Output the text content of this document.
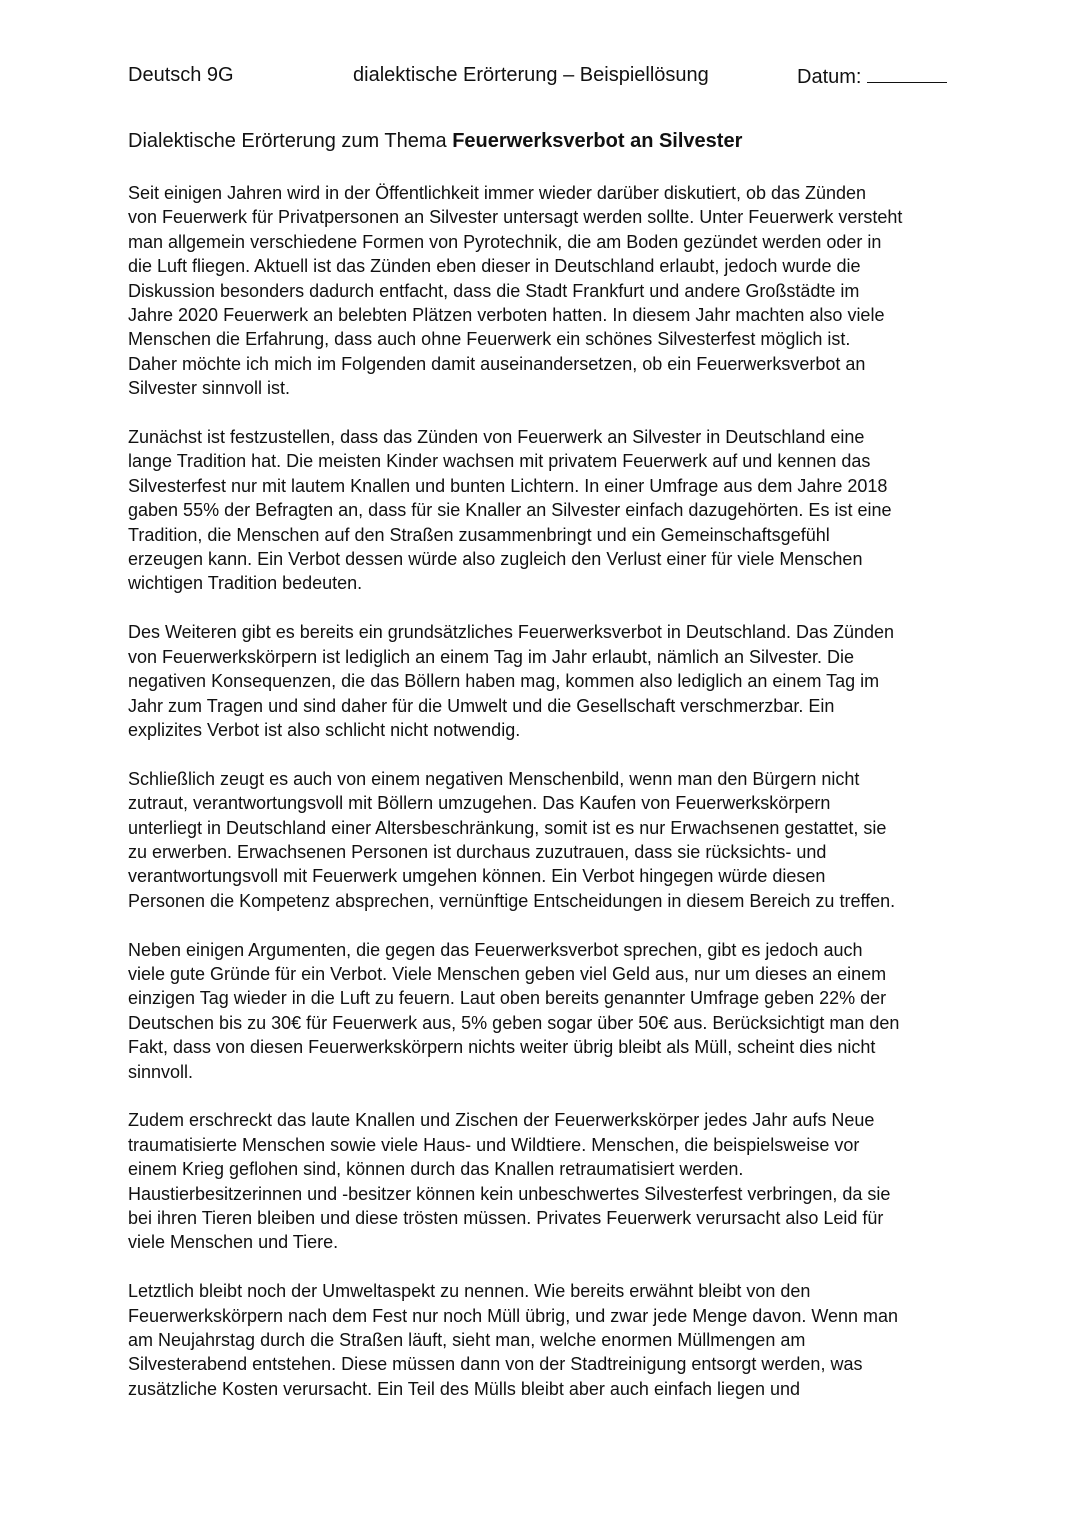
Deutsch 9G	dialektische Erörterung – Beispiellösung	Datum:
Dialektische Erörterung zum Thema Feuerwerksverbot an Silvester
Seit einigen Jahren wird in der Öffentlichkeit immer wieder darüber diskutiert, ob das Zünden
von Feuerwerk für Privatpersonen an Silvester untersagt werden sollte. Unter Feuerwerk versteht
man allgemein verschiedene Formen von Pyrotechnik, die am Boden gezündet werden oder in
die Luft fliegen. Aktuell ist das Zünden eben dieser in Deutschland erlaubt, jedoch wurde die
Diskussion besonders dadurch entfacht, dass die Stadt Frankfurt und andere Großstädte im
Jahre 2020 Feuerwerk an belebten Plätzen verboten hatten. In diesem Jahr machten also viele
Menschen die Erfahrung, dass auch ohne Feuerwerk ein schönes Silvesterfest möglich ist.
Daher möchte ich mich im Folgenden damit auseinandersetzen, ob ein Feuerwerksverbot an
Silvester sinnvoll ist.
Zunächst ist festzustellen, dass das Zünden von Feuerwerk an Silvester in Deutschland eine
lange Tradition hat. Die meisten Kinder wachsen mit privatem Feuerwerk auf und kennen das
Silvesterfest nur mit lautem Knallen und bunten Lichtern. In einer Umfrage aus dem Jahre 2018
gaben 55% der Befragten an, dass für sie Knaller an Silvester einfach dazugehörten. Es ist eine
Tradition, die Menschen auf den Straßen zusammenbringt und ein Gemeinschaftsgefühl
erzeugen kann. Ein Verbot dessen würde also zugleich den Verlust einer für viele Menschen
wichtigen Tradition bedeuten.
Des Weiteren gibt es bereits ein grundsätzliches Feuerwerksverbot in Deutschland. Das Zünden
von Feuerwerkskörpern ist lediglich an einem Tag im Jahr erlaubt, nämlich an Silvester. Die
negativen Konsequenzen, die das Böllern haben mag, kommen also lediglich an einem Tag im
Jahr zum Tragen und sind daher für die Umwelt und die Gesellschaft verschmerzbar. Ein
explizites Verbot ist also schlicht nicht notwendig.
Schließlich zeugt es auch von einem negativen Menschenbild, wenn man den Bürgern nicht
zutraut, verantwortungsvoll mit Böllern umzugehen. Das Kaufen von Feuerwerkskörpern
unterliegt in Deutschland einer Altersbeschränkung, somit ist es nur Erwachsenen gestattet, sie
zu erwerben. Erwachsenen Personen ist durchaus zuzutrauen, dass sie rücksichts- und
verantwortungsvoll mit Feuerwerk umgehen können. Ein Verbot hingegen würde diesen
Personen die Kompetenz absprechen, vernünftige Entscheidungen in diesem Bereich zu treffen.
Neben einigen Argumenten, die gegen das Feuerwerksverbot sprechen, gibt es jedoch auch
viele gute Gründe für ein Verbot. Viele Menschen geben viel Geld aus, nur um dieses an einem
einzigen Tag wieder in die Luft zu feuern. Laut oben bereits genannter Umfrage geben 22% der
Deutschen bis zu 30€ für Feuerwerk aus, 5% geben sogar über 50€ aus. Berücksichtigt man den
Fakt, dass von diesen Feuerwerkskörpern nichts weiter übrig bleibt als Müll, scheint dies nicht
sinnvoll.
Zudem erschreckt das laute Knallen und Zischen der Feuerwerkskörper jedes Jahr aufs Neue
traumatisierte Menschen sowie viele Haus- und Wildtiere. Menschen, die beispielsweise vor
einem Krieg geflohen sind, können durch das Knallen retraumatisiert werden.
Haustierbesitzerinnen und -besitzer können kein unbeschwertes Silvesterfest verbringen, da sie
bei ihren Tieren bleiben und diese trösten müssen. Privates Feuerwerk verursacht also Leid für
viele Menschen und Tiere.
Letztlich bleibt noch der Umweltaspekt zu nennen. Wie bereits erwähnt bleibt von den
Feuerwerkskörpern nach dem Fest nur noch Müll übrig, und zwar jede Menge davon. Wenn man
am Neujahrstag durch die Straßen läuft, sieht man, welche enormen Müllmengen am
Silvesterabend entstehen. Diese müssen dann von der Stadtreinigung entsorgt werden, was
zusätzliche Kosten verursacht. Ein Teil des Mülls bleibt aber auch einfach liegen und
